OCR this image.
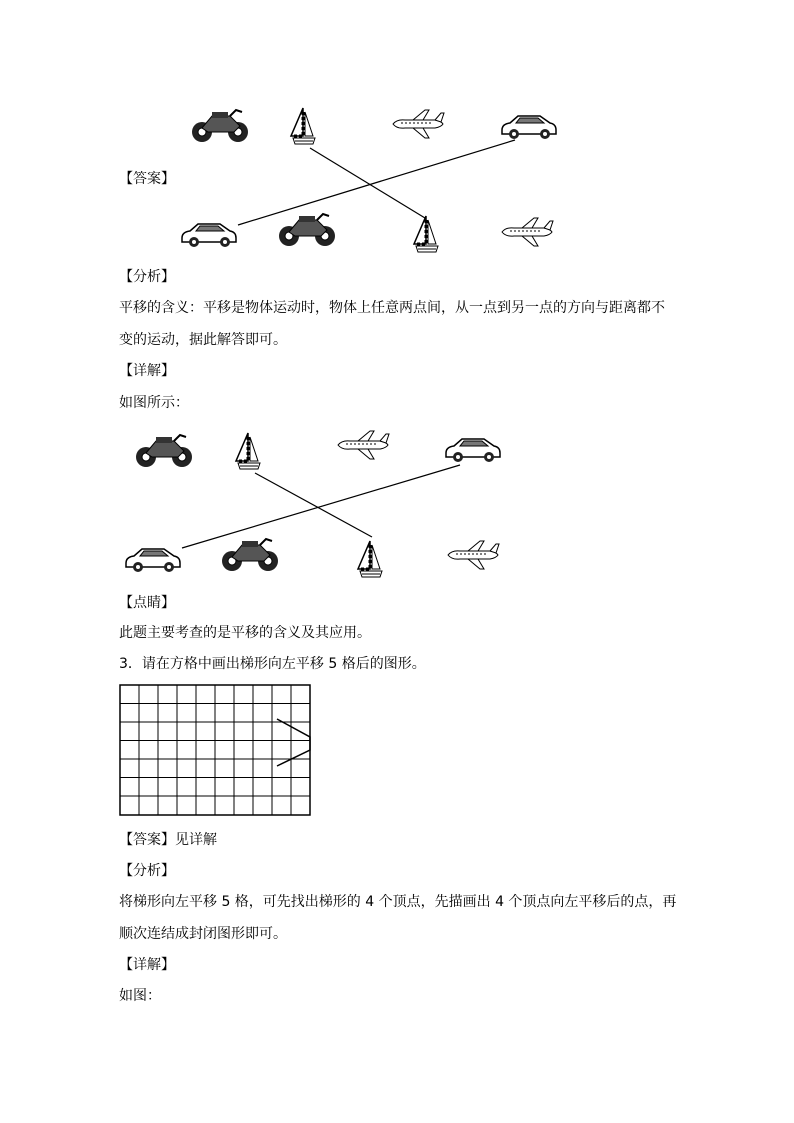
【答案】
【分析】
平移的含义：平移是物体运动时，物体上任意两点间，从一点到另一点的方向与距离都不
变的运动，据此解答即可。
【详解】
如图所示：
【点睛】
此题主要考查的是平移的含义及其应用。
3．请在方格中画出梯形向左平移 5 格后的图形。
【答案】见详解
【分析】
将梯形向左平移 5 格，可先找出梯形的 4 个顶点，先描画出 4 个顶点向左平移后的点，再
顺次连结成封闭图形即可。
【详解】
如图：
